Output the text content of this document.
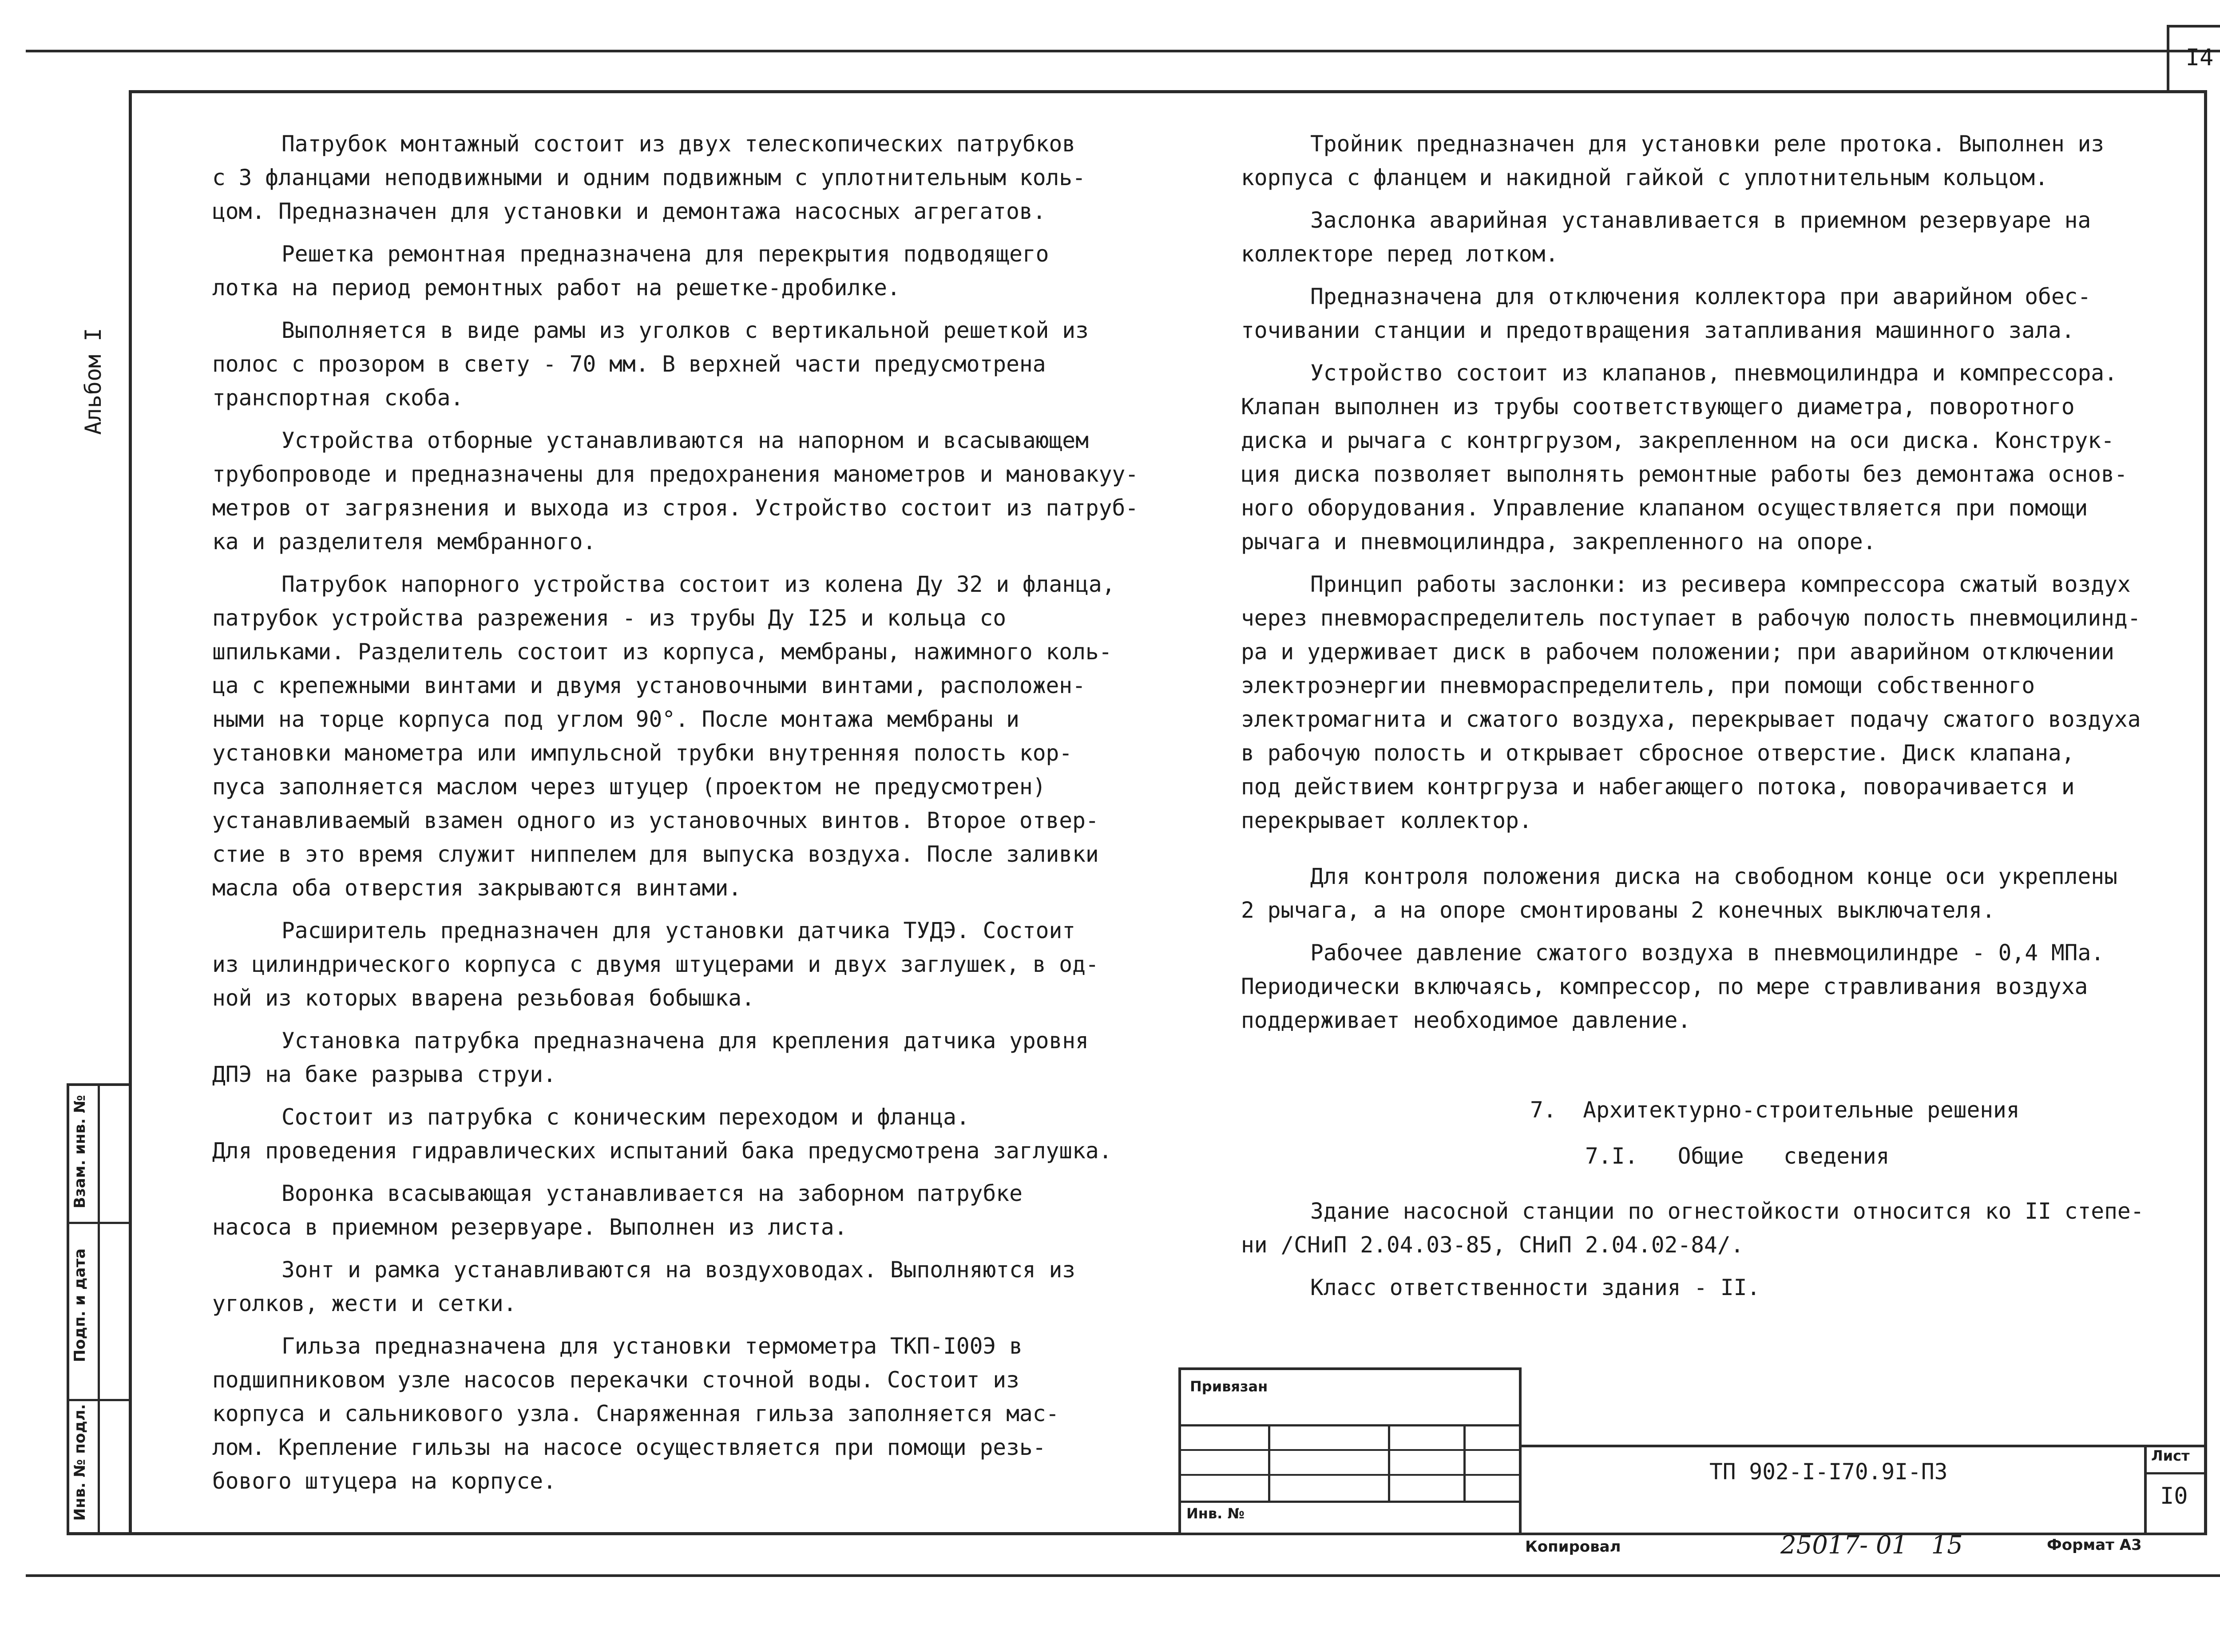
I4
Альбом I
Инв. № подл.
Подп. и дата
Взам. инв. №

Патрубок монтажный состоит из двух телескопических патрубков
с 3 фланцами неподвижными и одним подвижным с уплотнительным коль-
цом. Предназначен для установки и демонтажа насосных агрегатов.

Решетка ремонтная предназначена для перекрытия подводящего
лотка на период ремонтных работ на решетке-дробилке.

Выполняется в виде рамы из уголков с вертикальной решеткой из
полос с прозором в свету - 70 мм. В верхней части предусмотрена
транспортная скоба.

Устройства отборные устанавливаются на напорном и всасывающем
трубопроводе и предназначены для предохранения манометров и мановакуу-
метров от загрязнения и выхода из строя. Устройство состоит из патруб-
ка и разделителя мембранного.

Патрубок напорного устройства состоит из колена Ду 32 и фланца,
патрубок устройства разрежения - из трубы Ду I25 и кольца со
шпильками. Разделитель состоит из корпуса, мембраны, нажимного коль-
ца с крепежными винтами и двумя установочными винтами, расположен-
ными на торце корпуса под углом 90°. После монтажа мембраны и
установки манометра или импульсной трубки внутренняя полость кор-
пуса заполняется маслом через штуцер (проектом не предусмотрен)
устанавливаемый взамен одного из установочных винтов. Второе отвер-
стие в это время служит ниппелем для выпуска воздуха. После заливки
масла оба отверстия закрываются винтами.

Расширитель предназначен для установки датчика ТУДЭ. Состоит
из цилиндрического корпуса с двумя штуцерами и двух заглушек, в од-
ной из которых вварена резьбовая бобышка.

Установка патрубка предназначена для крепления датчика уровня
ДПЭ на баке разрыва струи.

Состоит из патрубка с коническим переходом и фланца.
Для проведения гидравлических испытаний бака предусмотрена заглушка.

Воронка всасывающая устанавливается на заборном патрубке
насоса в приемном резервуаре. Выполнен из листа.

Зонт и рамка устанавливаются на воздуховодах. Выполняются из
уголков, жести и сетки.

Гильза предназначена для установки термометра ТКП-I00Э в
подшипниковом узле насосов перекачки сточной воды. Состоит из
корпуса и сальникового узла. Снаряженная гильза заполняется мас-
лом. Крепление гильзы на насосе осуществляется при помощи резь-
бового штуцера на корпусе.

Тройник предназначен для установки реле протока. Выполнен из
корпуса с фланцем и накидной гайкой с уплотнительным кольцом.

Заслонка аварийная устанавливается в приемном резервуаре на
коллекторе перед лотком.

Предназначена для отключения коллектора при аварийном обес-
точивании станции и предотвращения затапливания машинного зала.

Устройство состоит из клапанов, пневмоцилиндра и компрессора.
Клапан выполнен из трубы соответствующего диаметра, поворотного
диска и рычага с контргрузом, закрепленном на оси диска. Конструк-
ция диска позволяет выполнять ремонтные работы без демонтажа основ-
ного оборудования. Управление клапаном осуществляется при помощи
рычага и пневмоцилиндра, закрепленного на опоре.

Принцип работы заслонки: из ресивера компрессора сжатый воздух
через пневмораспределитель поступает в рабочую полость пневмоцилинд-
ра и удерживает диск в рабочем положении; при аварийном отключении
электроэнергии пневмораспределитель, при помощи собственного
электромагнита и сжатого воздуха, перекрывает подачу сжатого воздуха
в рабочую полость и открывает сбросное отверстие. Диск клапана,
под действием контргруза и набегающего потока, поворачивается и
перекрывает коллектор.

Для контроля положения диска на свободном конце оси укреплены
2 рычага, а на опоре смонтированы 2 конечных выключателя.

Рабочее давление сжатого воздуха в пневмоцилиндре - 0,4 МПа.
Периодически включаясь, компрессор, по мере стравливания воздуха
поддерживает необходимое давление.

7.  Архитектурно-строительные решения
7.I.   Общие   сведения

Здание насосной станции по огнестойкости относится ко II степе-
ни /СНиП 2.04.03-85, СНиП 2.04.02-84/.

Класс ответственности здания - II.

Привязан
Инв. №
ТП 902-I-I70.9I-ПЗ
Лист
I0
Копировал	25017- 01   15	Формат А3
